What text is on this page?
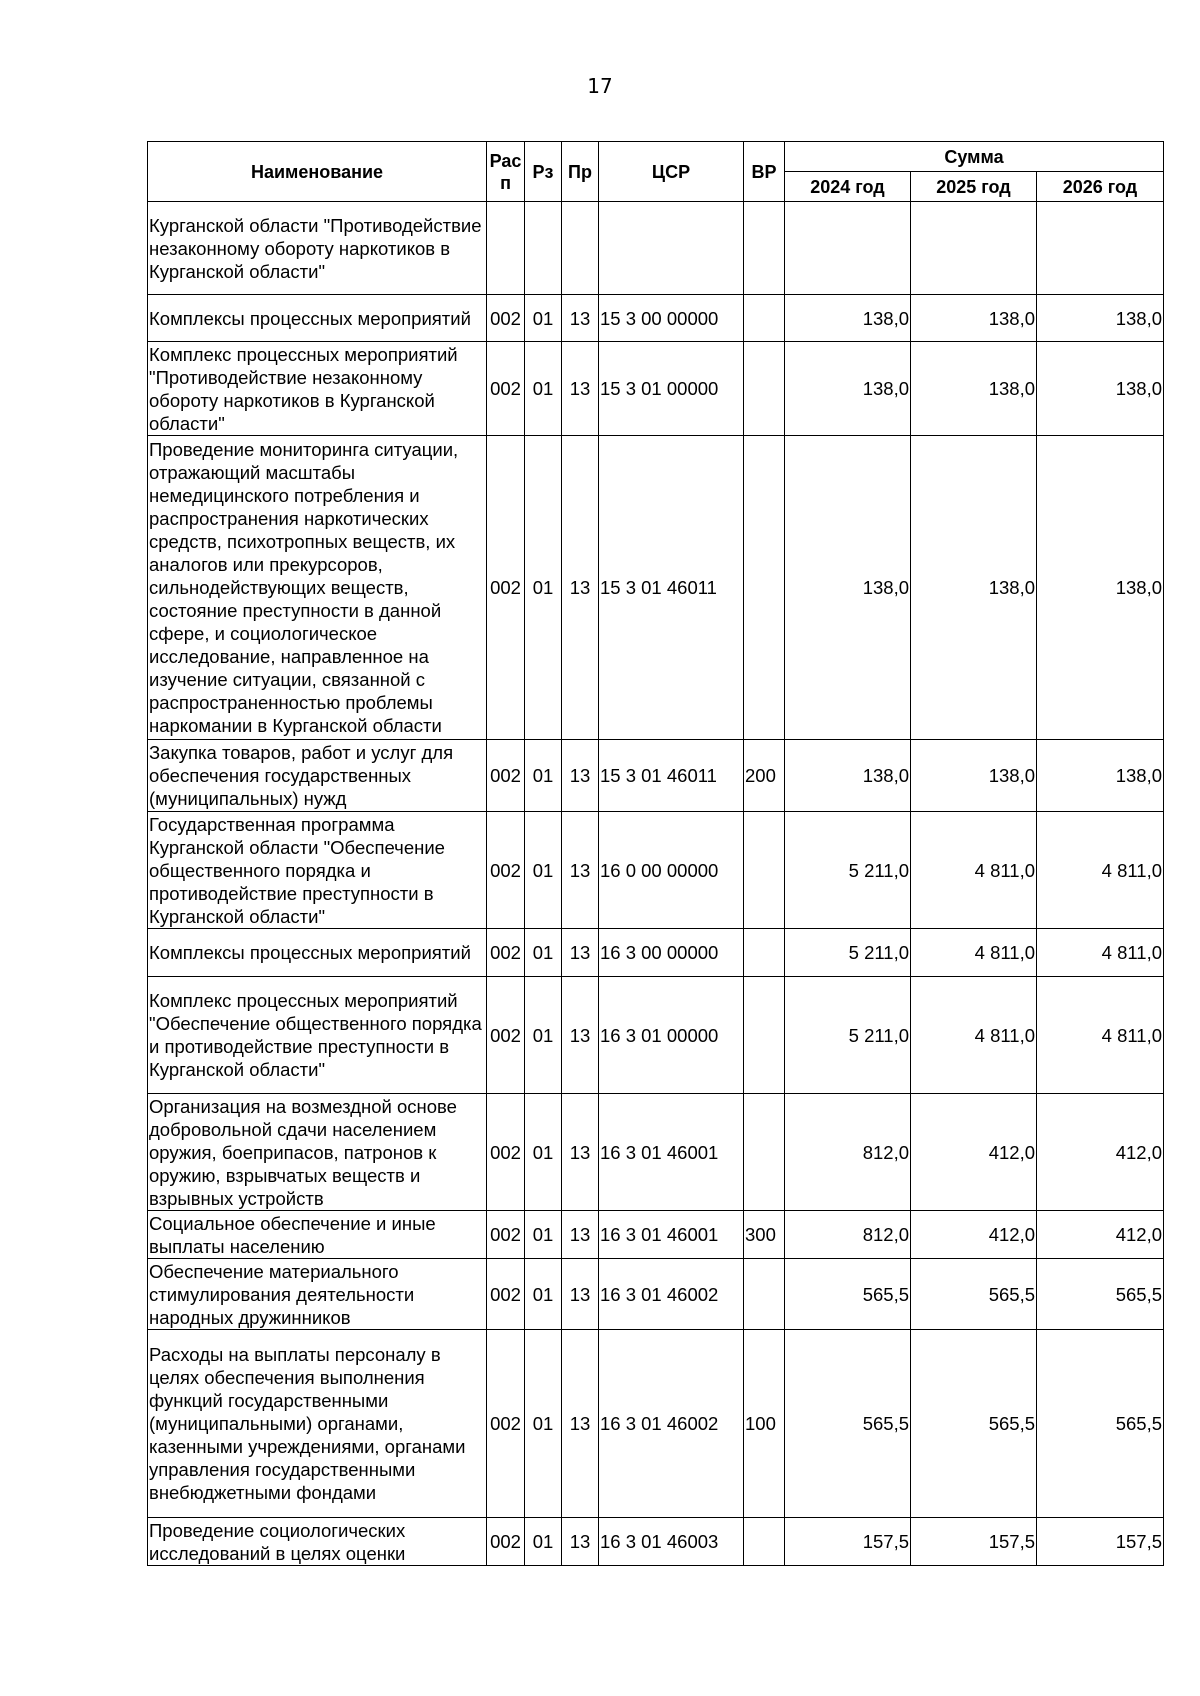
17
Наименование	Рас п	Рз	Пр	ЦСР	ВР	Сумма		
						2024 год	2025 год	2026 год
Курганской области "Противодействие незаконному обороту наркотиков в Курганской области"								
Комплексы процессных мероприятий	002	01	13	15 3 00 00000		138,0	138,0	138,0
Комплекс процессных мероприятий "Противодействие незаконному обороту наркотиков в Курганской области"	002	01	13	15 3 01 00000		138,0	138,0	138,0
Проведение мониторинга ситуации, отражающий масштабы немедицинского потребления и распространения наркотических средств, психотропных веществ, их аналогов или прекурсоров, сильнодействующих веществ, состояние преступности в данной сфере, и социологическое исследование, направленное на изучение ситуации, связанной с распространенностью проблемы наркомании в Курганской области	002	01	13	15 3 01 46011		138,0	138,0	138,0
Закупка товаров, работ и услуг для обеспечения государственных (муниципальных) нужд	002	01	13	15 3 01 46011	200	138,0	138,0	138,0
Государственная программа Курганской области "Обеспечение общественного порядка и противодействие преступности в Курганской области"	002	01	13	16 0 00 00000		5 211,0	4 811,0	4 811,0
Комплексы процессных мероприятий	002	01	13	16 3 00 00000		5 211,0	4 811,0	4 811,0
Комплекс процессных мероприятий "Обеспечение общественного порядка и противодействие преступности в Курганской области"	002	01	13	16 3 01 00000		5 211,0	4 811,0	4 811,0
Организация на возмездной основе добровольной сдачи населением оружия, боеприпасов, патронов к оружию, взрывчатых веществ и взрывных устройств	002	01	13	16 3 01 46001		812,0	412,0	412,0
Социальное обеспечение и иные выплаты населению	002	01	13	16 3 01 46001	300	812,0	412,0	412,0
Обеспечение материального стимулирования деятельности народных дружинников	002	01	13	16 3 01 46002		565,5	565,5	565,5
Расходы на выплаты персоналу в целях обеспечения выполнения функций государственными (муниципальными) органами, казенными учреждениями, органами управления государственными внебюджетными фондами	002	01	13	16 3 01 46002	100	565,5	565,5	565,5
Проведение социологических исследований в целях оценки	002	01	13	16 3 01 46003		157,5	157,5	157,5
